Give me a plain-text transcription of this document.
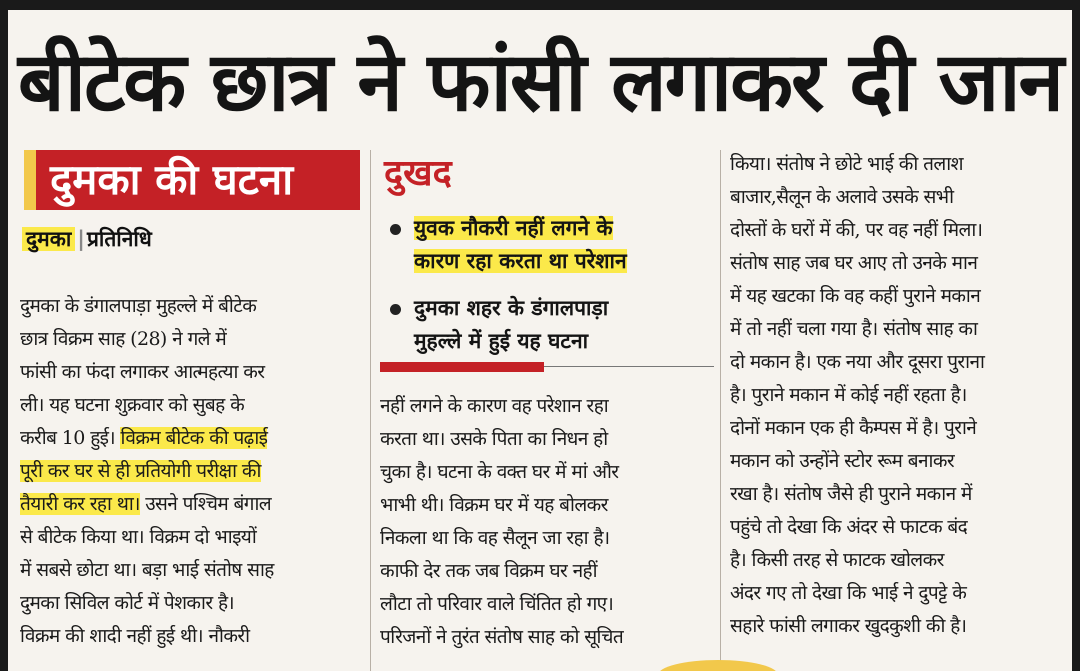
बीटेक छात्र ने फांसी लगाकर दी जान
दुमका की घटना
दुमका |प्रतिनिधि
दुमका के डंगालपाड़ा मुहल्ले में बीटेक
छात्र विक्रम साह (28) ने गले में
फांसी का फंदा लगाकर आत्महत्या कर
ली। यह घटना शुक्रवार को सुबह के
करीब 10 हुई। विक्रम बीटेक की पढ़ाई
पूरी कर घर से ही प्रतियोगी परीक्षा की
तैयारी कर रहा था। उसने पश्चिम बंगाल
से बीटेक किया था। विक्रम दो भाइयों
में सबसे छोटा था। बड़ा भाई संतोष साह
दुमका सिविल कोर्ट में पेशकार है।
विक्रम की शादी नहीं हुई थी। नौकरी
दुखद
युवक नौकरी नहीं लगने के
कारण रहा करता था परेशान
दुमका शहर के डंगालपाड़ा
मुहल्ले में हुई यह घटना
नहीं लगने के कारण वह परेशान रहा
करता था। उसके पिता का निधन हो
चुका है। घटना के वक्त घर में मां और
भाभी थी। विक्रम घर में यह बोलकर
निकला था कि वह सैलून जा रहा है।
काफी देर तक जब विक्रम घर नहीं
लौटा तो परिवार वाले चिंतित हो गए।
परिजनों ने तुरंत संतोष साह को सूचित
किया। संतोष ने छोटे भाई की तलाश
बाजार,सैलून के अलावे उसके सभी
दोस्तों के घरों में की, पर वह नहीं मिला।
संतोष साह जब घर आए तो उनके मान
में यह खटका कि वह कहीं पुराने मकान
में तो नहीं चला गया है। संतोष साह का
दो मकान है। एक नया और दूसरा पुराना
है। पुराने मकान में कोई नहीं रहता है।
दोनों मकान एक ही कैम्पस में है। पुराने
मकान को उन्होंने स्टोर रूम बनाकर
रखा है। संतोष जैसे ही पुराने मकान में
पहुंचे तो देखा कि अंदर से फाटक बंद
है। किसी तरह से फाटक खोलकर
अंदर गए तो देखा कि भाई ने दुपट्टे के
सहारे फांसी लगाकर खुदकुशी की है।
